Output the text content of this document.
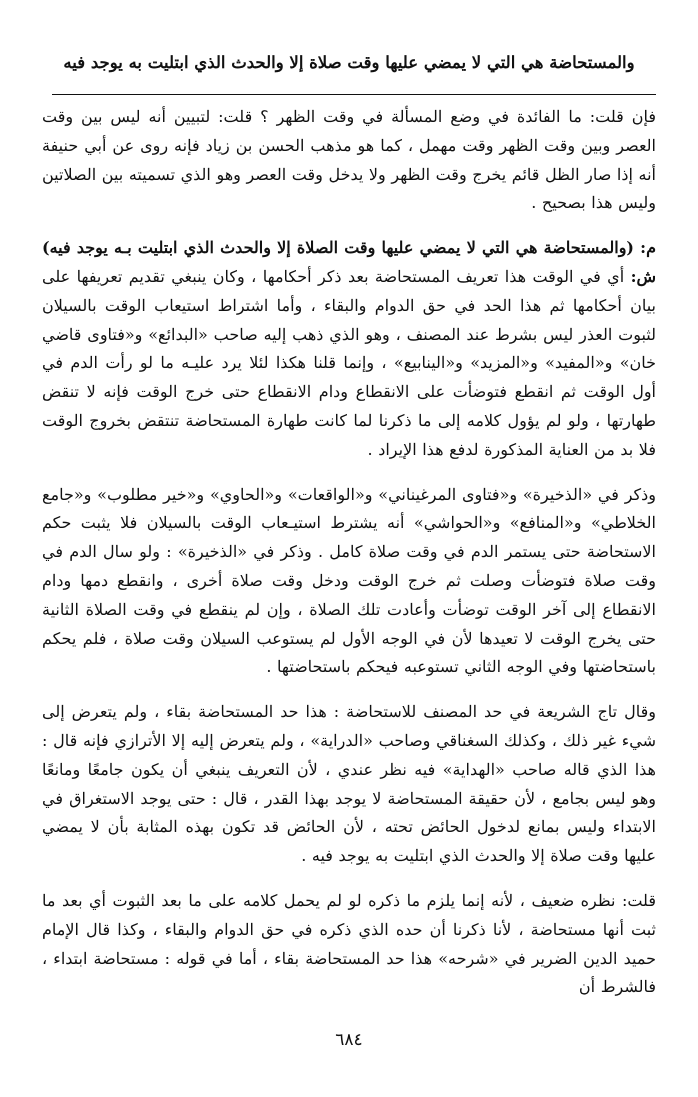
والمستحاضة هي التي لا يمضي عليها وقت صلاة إلا والحدث الذي ابتليت به يوجد فيه

فإن قلت: ما الفائدة في وضع المسألة في وقت الظهر ؟ قلت: لتبيين أنه ليس بين وقت العصر وبين وقت الظهر وقت مهمل ، كما هو مذهب الحسن بن زياد فإنه روى عن أبي حنيفة أنه إذا صار الظل قائم يخرج وقت الظهر ولا يدخل وقت العصر وهو الذي تسميته بين الصلاتين وليس هذا بصحيح .

م: (والمستحاضة هي التي لا يمضي عليها وقت الصلاة إلا والحدث الذي ابتليت بـه يوجد فيه) ش: أي في الوقت هذا تعريف المستحاضة بعد ذكر أحكامها ، وكان ينبغي تقديم تعريفها على بيان أحكامها ثم هذا الحد في حق الدوام والبقاء ، وأما اشتراط استيعاب الوقت بالسيلان لثبوت العذر ليس بشرط عند المصنف ، وهو الذي ذهب إليه صاحب «البدائع» و«فتاوى قاضي خان» و«المفيد» و«المزيد» و«الينابيع» ، وإنما قلنا هكذا لئلا يرد عليـه ما لو رأت الدم في أول الوقت ثم انقطع فتوضأت على الانقطاع ودام الانقطاع حتى خرج الوقت فإنه لا تنقض طهارتها ، ولو لم يؤول كلامه إلى ما ذكرنا لما كانت طهارة المستحاضة تنتقض بخروج الوقت فلا بد من العناية المذكورة لدفع هذا الإيراد .

وذكر في «الذخيرة» و«فتاوى المرغيناني» و«الواقعات» و«الحاوي» و«خير مطلوب» و«جامع الخلاطي» و«المنافع» و«الحواشي» أنه يشترط استيـعاب الوقت بالسيلان فلا يثبت حكم الاستحاضة حتى يستمر الدم في وقت صلاة كامل . وذكر في «الذخيرة» : ولو سال الدم في وقت صلاة فتوضأت وصلت ثم خرج الوقت ودخل وقت صلاة أخرى ، وانقطع دمها ودام الانقطاع إلى آخر الوقت توضأت وأعادت تلك الصلاة ، وإن لم ينقطع في وقت الصلاة الثانية حتى يخرج الوقت لا تعيدها لأن في الوجه الأول لم يستوعب السيلان وقت صلاة ، فلم يحكم باستحاضتها وفي الوجه الثاني تستوعبه فيحكم باستحاضتها .

وقال تاج الشريعة في حد المصنف للاستحاضة : هذا حد المستحاضة بقاء ، ولم يتعرض إلى شيء غير ذلك ، وكذلك السغناقي وصاحب «الدراية» ، ولم يتعرض إليه إلا الأترازي فإنه قال : هذا الذي قاله صاحب «الهداية» فيه نظر عندي ، لأن التعريف ينبغي أن يكون جامعًا ومانعًا وهو ليس بجامع ، لأن حقيقة المستحاضة لا يوجد بهذا القدر ، قال : حتى يوجد الاستغراق في الابتداء وليس بمانع لدخول الحائض تحته ، لأن الحائض قد تكون بهذه المثابة بأن لا يمضي عليها وقت صلاة إلا والحدث الذي ابتليت به يوجد فيه .

قلت: نظره ضعيف ، لأنه إنما يلزم ما ذكره لو لم يحمل كلامه على ما بعد الثبوت أي بعد ما ثبت أنها مستحاضة ، لأنا ذكرنا أن حده الذي ذكره في حق الدوام والبقاء ، وكذا قال الإمام حميد الدين الضرير في «شرحه» هذا حد المستحاضة بقاء ، أما في قوله : مستحاضة ابتداء ، فالشرط أن

٦٨٤
